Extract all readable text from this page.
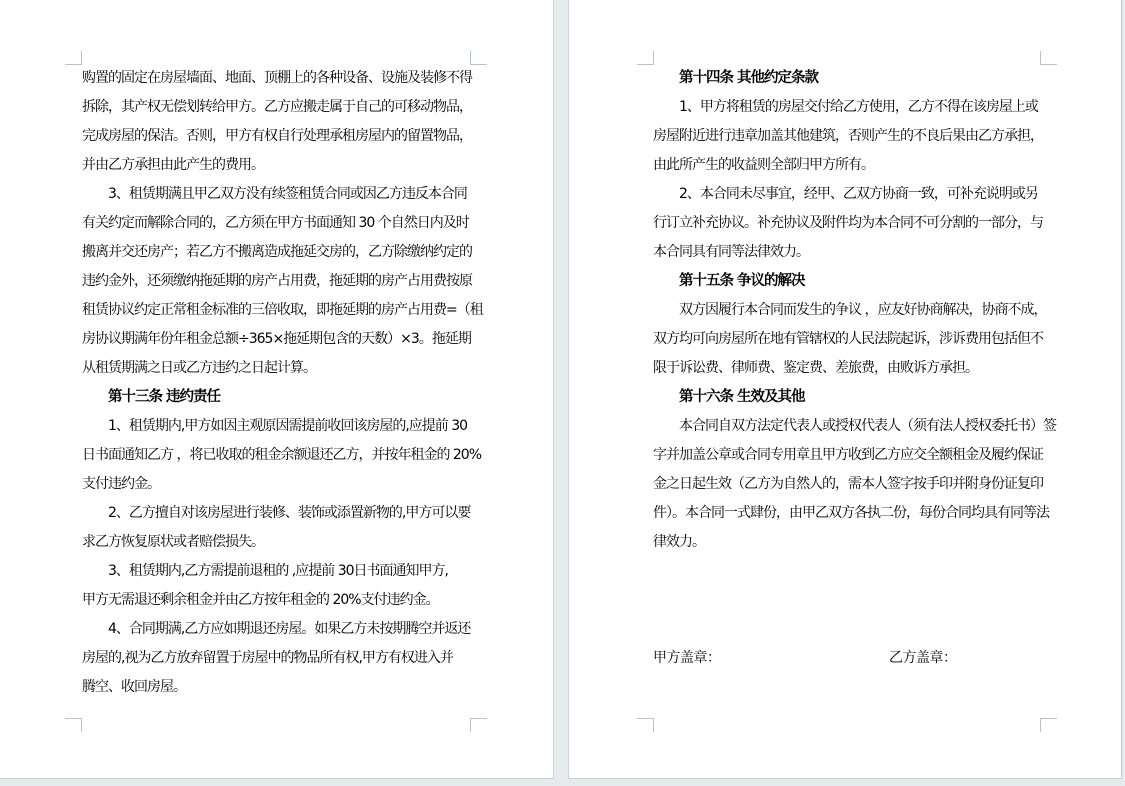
购置的固定在房屋墙面、地面、顶棚上的各种设备、设施及装修不得
拆除，其产权无偿划转给甲方。乙方应搬走属于自己的可移动物品，
完成房屋的保洁。否则，甲方有权自行处理承租房屋内的留置物品，
并由乙方承担由此产生的费用。
3、租赁期满且甲乙双方没有续签租赁合同或因乙方违反本合同
有关约定而解除合同的，乙方须在甲方书面通知 30 个自然日内及时
搬离并交还房产；若乙方不搬离造成拖延交房的，乙方除缴纳约定的
违约金外，还须缴纳拖延期的房产占用费，拖延期的房产占用费按原
租赁协议约定正常租金标准的三倍收取，即拖延期的房产占用费=（租
房协议期满年份年租金总额÷365×拖延期包含的天数）×3。拖延期
从租赁期满之日或乙方违约之日起计算。
第十三条 违约责任
1、租赁期内,甲方如因主观原因需提前收回该房屋的,应提前 30
日书面通知乙方 ，将已收取的租金余额退还乙方，并按年租金的 20%
支付违约金。
2、乙方擅自对该房屋进行装修、装饰或添置新物的,甲方可以要
求乙方恢复原状或者赔偿损失。
3、租赁期内,乙方需提前退租的 ,应提前 30日书面通知甲方,
甲方无需退还剩余租金并由乙方按年租金的 20%支付违约金。
4、合同期满,乙方应如期退还房屋。如果乙方未按期腾空并返还
房屋的,视为乙方放弃留置于房屋中的物品所有权,甲方有权进入并
腾空、收回房屋。
第十四条 其他约定条款
1、甲方将租赁的房屋交付给乙方使用，乙方不得在该房屋上或
房屋附近进行违章加盖其他建筑，否则产生的不良后果由乙方承担，
由此所产生的收益则全部归甲方所有。
2、本合同未尽事宜，经甲、乙双方协商一致，可补充说明或另
行订立补充协议。补充协议及附件均为本合同不可分割的一部分，与
本合同具有同等法律效力。
第十五条 争议的解决
双方因履行本合同而发生的争议 ，应友好协商解决，协商不成，
双方均可向房屋所在地有管辖权的人民法院起诉，涉诉费用包括但不
限于诉讼费、律师费、鉴定费、差旅费，由败诉方承担。
第十六条 生效及其他
本合同自双方法定代表人或授权代表人（须有法人授权委托书）签
字并加盖公章或合同专用章且甲方收到乙方应交全额租金及履约保证
金之日起生效（乙方为自然人的，需本人签字按手印并附身份证复印
件）。本合同一式肆份，由甲乙双方各执二份，每份合同均具有同等法
律效力。
甲方盖章：	乙方盖章：
